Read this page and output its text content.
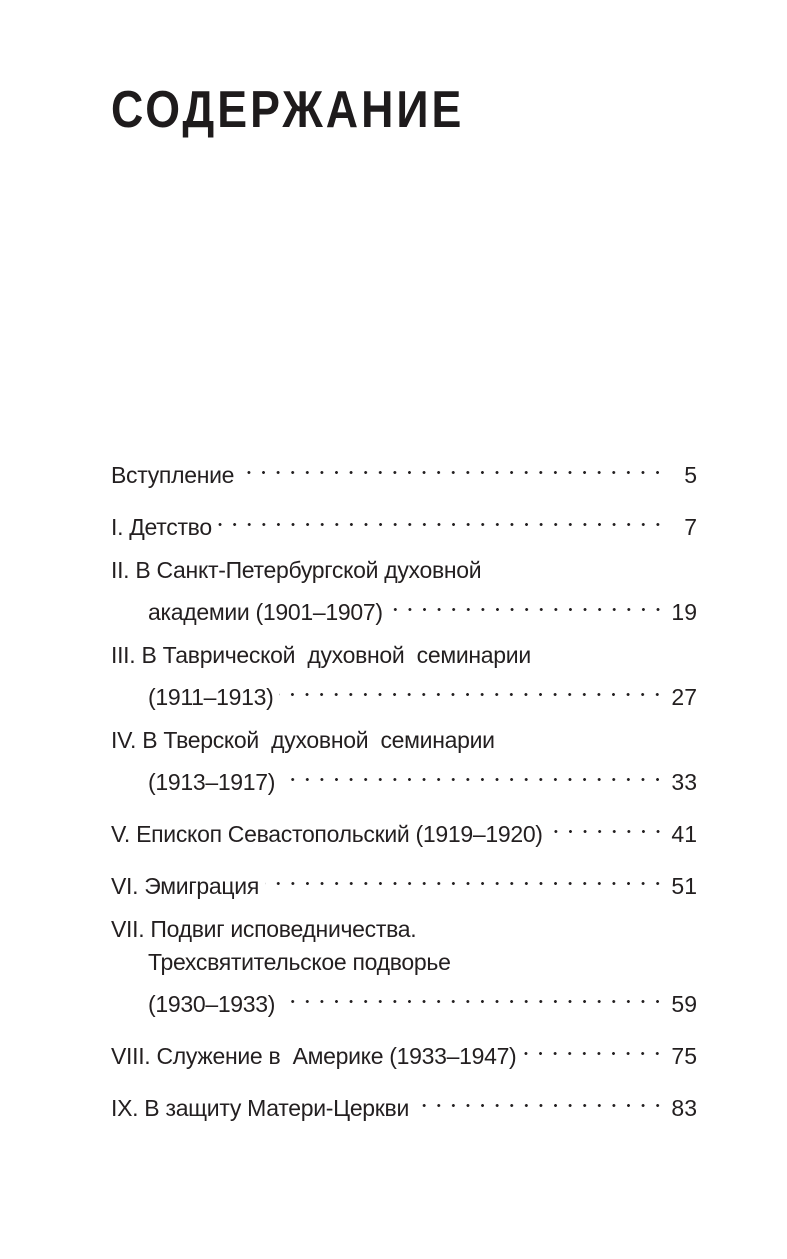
СОДЕРЖАНИЕ
Вступление	5
I. Детство	7
II. В Санкт-Петербургской духовной
академии (1901–1907)	19
III. В Таврической  духовной  семинарии
(1911–1913)	27
IV. В Тверской  духовной  семинарии
(1913–1917)	33
V. Епископ Севастопольский (1919–1920)	41
VI. Эмиграция	51
VII. Подвиг исповедничества.
Трехсвятительское подворье
(1930–1933)	59
VIII. Служение в  Америке (1933–1947)	75
IX. В защиту Матери-Церкви	83
